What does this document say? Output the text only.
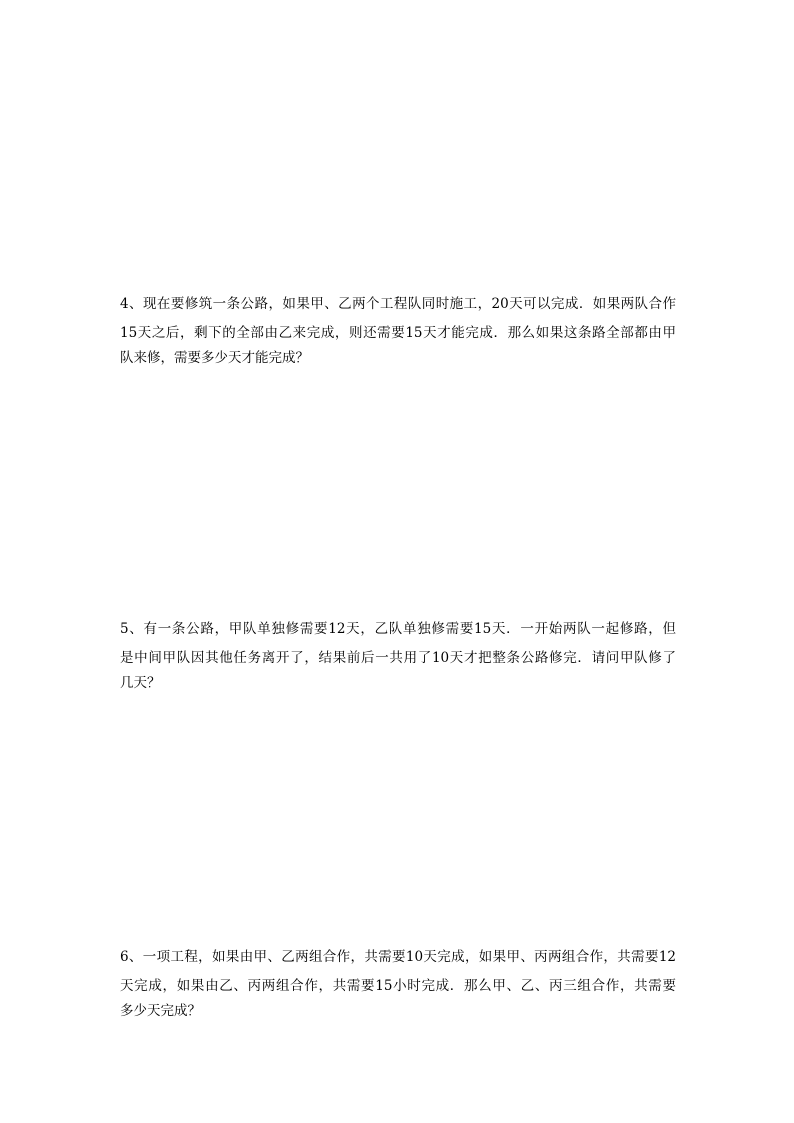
4、现在要修筑一条公路，如果甲、乙两个工程队同时施工，20天可以完成．如果两队合作
15天之后，剩下的全部由乙来完成，则还需要15天才能完成．那么如果这条路全部都由甲
队来修，需要多少天才能完成？
5、有一条公路，甲队单独修需要12天，乙队单独修需要15天．一开始两队一起修路，但
是中间甲队因其他任务离开了，结果前后一共用了10天才把整条公路修完．请问甲队修了
几天？
6、一项工程，如果由甲、乙两组合作，共需要10天完成，如果甲、丙两组合作，共需要12
天完成，如果由乙、丙两组合作，共需要15小时完成．那么甲、乙、丙三组合作，共需要
多少天完成？
